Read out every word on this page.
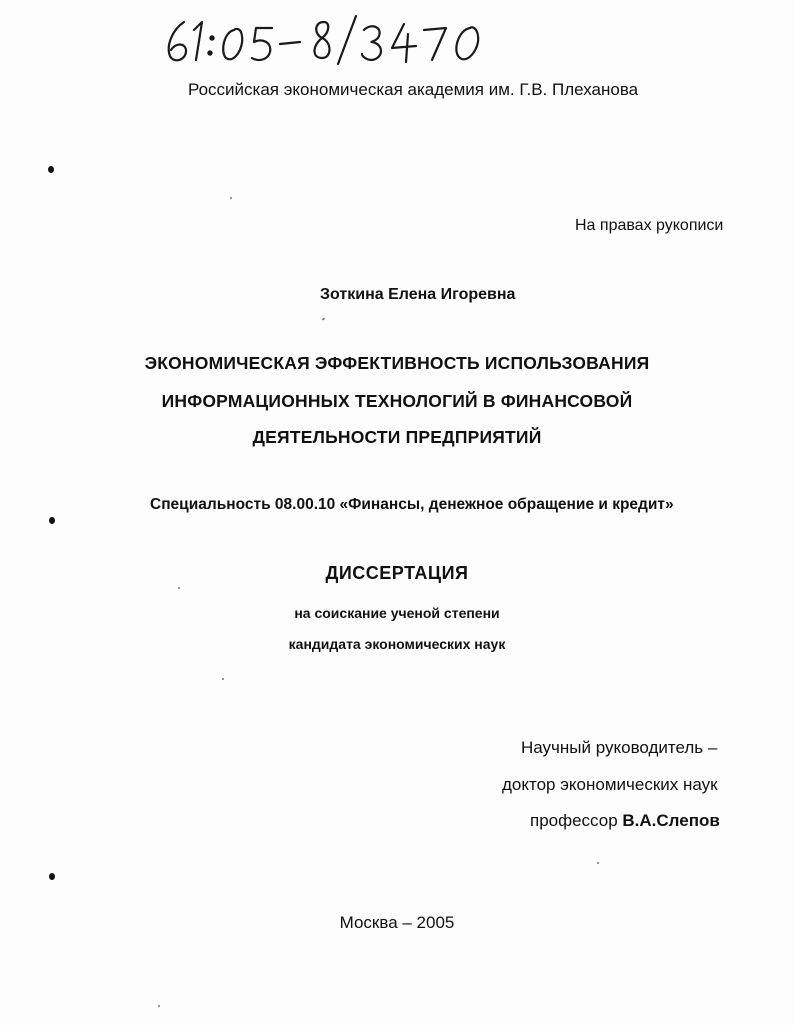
Российская экономическая академия им. Г.В. Плеханова
На правах рукописи
Зоткина Елена Игоревна
ЭКОНОМИЧЕСКАЯ ЭФФЕКТИВНОСТЬ ИСПОЛЬЗОВАНИЯ
ИНФОРМАЦИОННЫХ ТЕХНОЛОГИЙ В ФИНАНСОВОЙ
ДЕЯТЕЛЬНОСТИ ПРЕДПРИЯТИЙ
Специальность 08.00.10 «Финансы, денежное обращение и кредит»
ДИССЕРТАЦИЯ
на соискание ученой степени
кандидата экономических наук
Научный руководитель –
доктор экономических наук
профессор В.А.Слепов
Москва – 2005
